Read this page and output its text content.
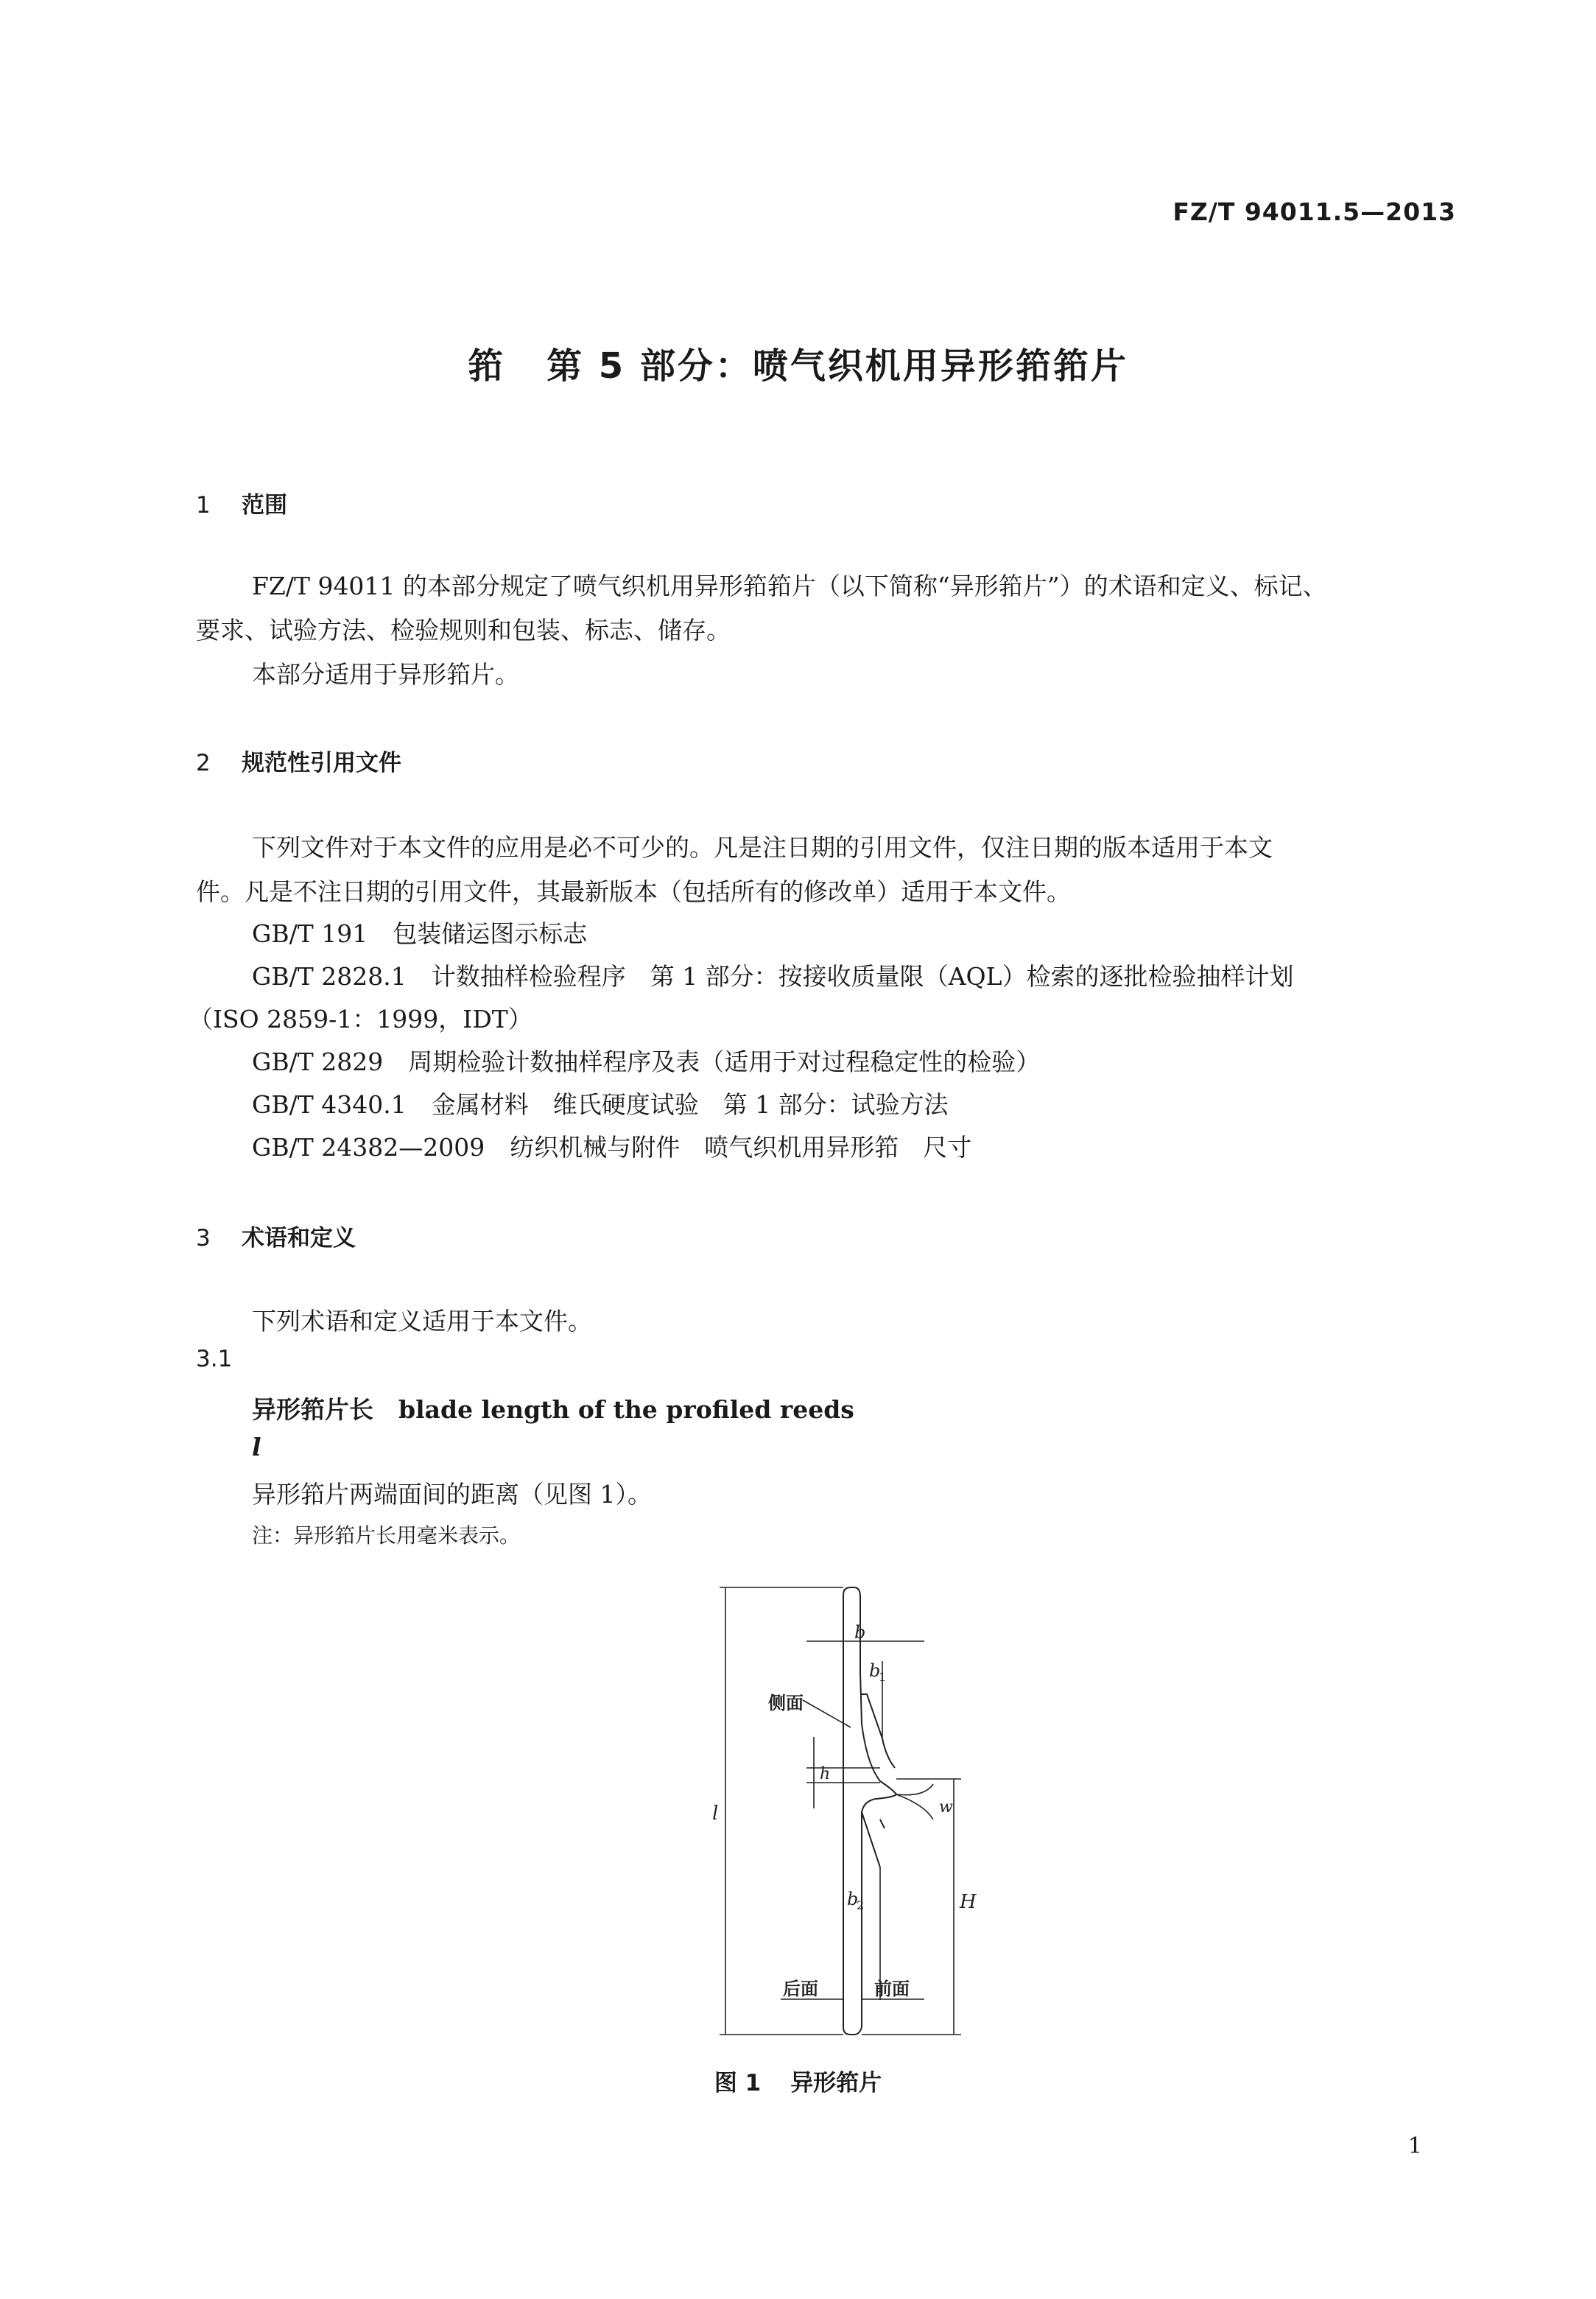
FZ/T 94011.5—2013
筘 第 5 部分：喷气织机用异形筘筘片
1 范围
FZ/T 94011 的本部分规定了喷气织机用异形筘筘片（以下简称“异形筘片”）的术语和定义、标记、
要求、试验方法、检验规则和包装、标志、储存。
本部分适用于异形筘片。
2 规范性引用文件
下列文件对于本文件的应用是必不可少的。凡是注日期的引用文件，仅注日期的版本适用于本文
件。凡是不注日期的引用文件，其最新版本（包括所有的修改单）适用于本文件。
GB/T 191 包装储运图示标志
GB/T 2828.1 计数抽样检验程序　第 1 部分：按接收质量限（AQL）检索的逐批检验抽样计划
（ISO 2859-1：1999，IDT）
GB/T 2829 周期检验计数抽样程序及表（适用于对过程稳定性的检验）
GB/T 4340.1 金属材料　维氏硬度试验　第 1 部分：试验方法
GB/T 24382—2009 纺织机械与附件　喷气织机用异形筘　尺寸
3 术语和定义
下列术语和定义适用于本文件。
3.1
异形筘片长 blade length of the profiled reeds
l
异形筘片两端面间的距离（见图 1）。
注：异形筘片长用毫米表示。
l
H
b
b
1
b
2
h
w
侧面
后面	前面
图 1 异形筘片
1
